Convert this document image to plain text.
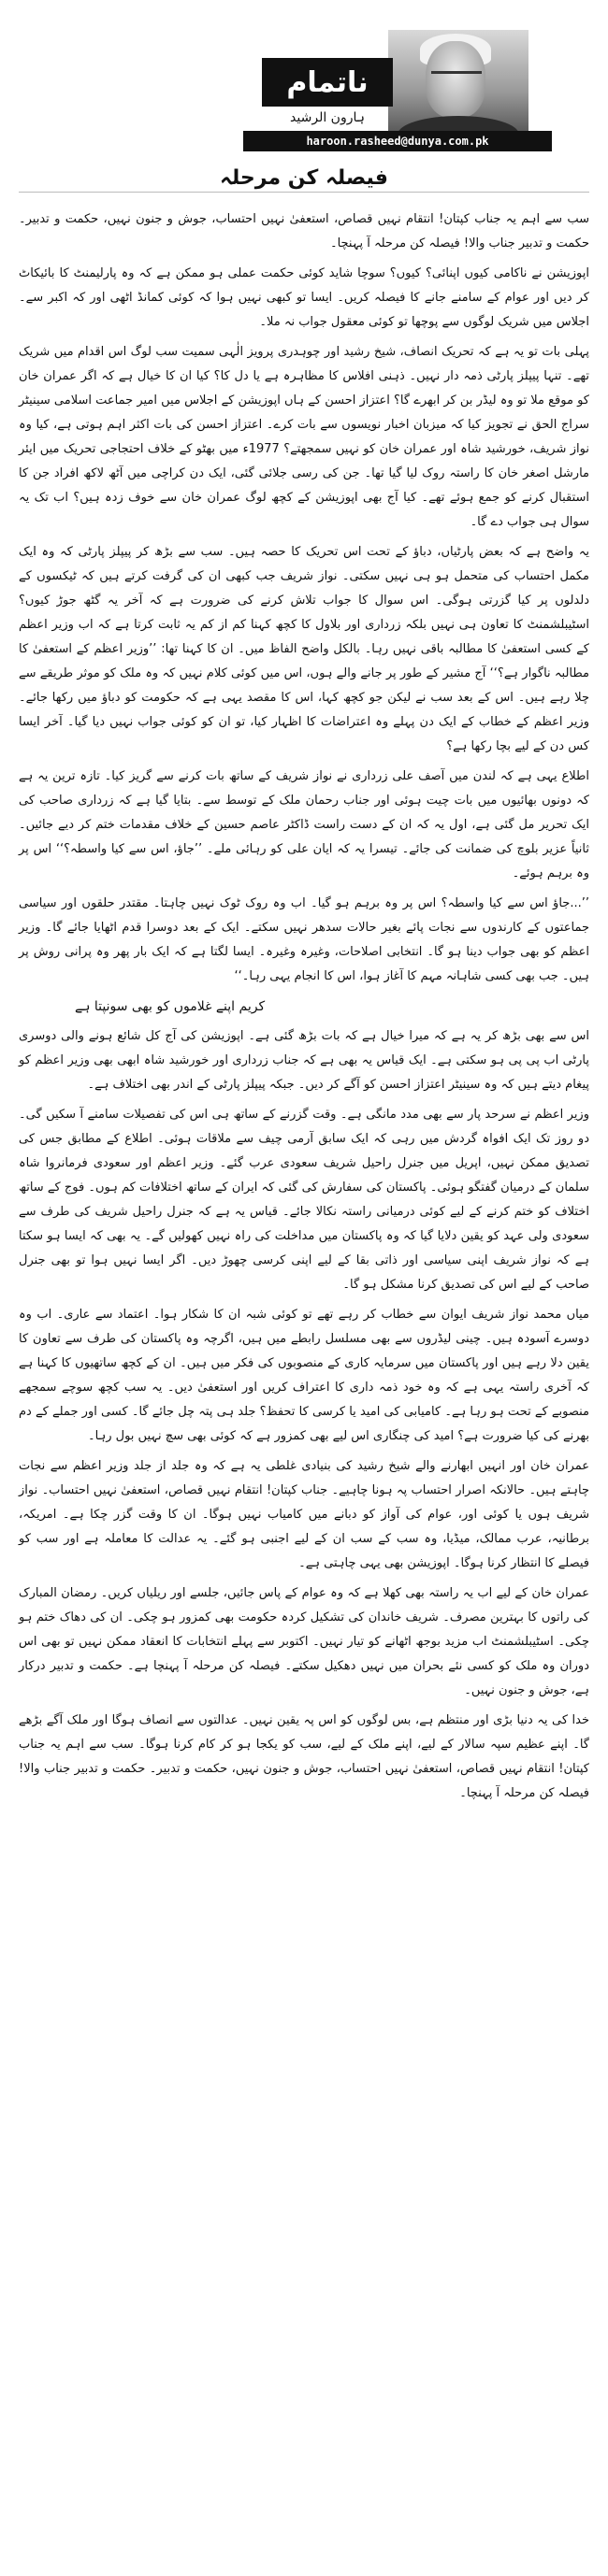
ناتمام
ہارون الرشید
haroon.rasheed@dunya.com.pk
فیصلہ کن مرحلہ

سب سے اہم یہ جناب کپتان! انتقام نہیں قصاص، استعفیٰ نہیں احتساب، جوش و جنون نہیں، حکمت و تدبیر۔ حکمت و تدبیر جناب والا! فیصلہ کن مرحلہ آ پہنچا۔

اپوزیشن نے ناکامی کیوں اپنائی؟ کیوں؟ سوچا شاید کوئی حکمت عملی ہو ممکن ہے کہ وہ پارلیمنٹ کا بائیکاٹ کر دیں اور عوام کے سامنے جانے کا فیصلہ کریں۔ ایسا تو کبھی نہیں ہوا کہ کوئی کمانڈ اٹھی اور کہ اکبر سے۔ اجلاس میں شریک لوگوں سے پوچھا تو کوئی معقول جواب نہ ملا۔

پہلی بات تو یہ ہے کہ تحریک انصاف، شیخ رشید اور چوہدری پرویز الٰہی سمیت سب لوگ اس اقدام میں شریک تھے۔ تنہا پیپلز پارٹی ذمہ دار نہیں۔ ذہنی افلاس کا مظاہرہ ہے یا دل کا؟ کیا ان کا خیال ہے کہ اگر عمران خان کو موقع ملا تو وہ لیڈر بن کر ابھرے گا؟ اعتزاز احسن کے ہاں اپوزیشن کے اجلاس میں امیر جماعت اسلامی سینیٹر سراج الحق نے تجویز کیا کہ میزبان اخبار نویسوں سے بات کرے۔ اعتزاز احسن کی بات اکثر اہم ہوتی ہے، کیا وہ نواز شریف، خورشید شاہ اور عمران خان کو نہیں سمجھتے؟ 1977ء میں بھٹو کے خلاف احتجاجی تحریک میں ایئر مارشل اصغر خان کا راستہ روک لیا گیا تھا۔ جن کی رسی جلائی گئی، ایک دن کراچی میں آٹھ لاکھ افراد جن کا استقبال کرنے کو جمع ہوئے تھے۔ کیا آج بھی اپوزیشن کے کچھ لوگ عمران خان سے خوف زدہ ہیں؟ اب تک یہ سوال ہی جواب دے گا۔

یہ واضح ہے کہ بعض پارٹیاں، دباؤ کے تحت اس تحریک کا حصہ ہیں۔ سب سے بڑھ کر پیپلز پارٹی کہ وہ ایک مکمل احتساب کی متحمل ہو ہی نہیں سکتی۔ نواز شریف جب کبھی ان کی گرفت کرتے ہیں کہ ٹیکسوں کے دلدلوں پر کیا گزرتی ہوگی۔ اس سوال کا جواب تلاش کرنے کی ضرورت ہے کہ آخر یہ گٹھ جوڑ کیوں؟ اسٹیبلشمنٹ کا تعاون ہی نہیں بلکہ زرداری اور بلاول کا کچھ کہنا کم از کم یہ ثابت کرتا ہے کہ اب وزیر اعظم کے کسی استعفیٰ کا مطالبہ باقی نہیں رہا۔ بالکل واضح الفاظ میں۔ ان کا کہنا تھا: ’’وزیر اعظم کے استعفیٰ کا مطالبہ ناگوار ہے؟‘‘ آج مشیر کے طور پر جانے والے ہوں، اس میں کوئی کلام نہیں کہ وہ ملک کو موثر طریقے سے چلا رہے ہیں۔ اس کے بعد سب نے لیکن جو کچھ کہا، اس کا مقصد یہی ہے کہ حکومت کو دباؤ میں رکھا جائے۔ وزیر اعظم کے خطاب کے ایک دن پہلے وہ اعتراضات کا اظہار کیا، تو ان کو کوئی جواب نہیں دیا گیا۔ آخر ایسا کس دن کے لیے بچا رکھا ہے؟

اطلاع یہی ہے کہ لندن میں آصف علی زرداری نے نواز شریف کے ساتھ بات کرنے سے گریز کیا۔ تازہ ترین یہ ہے کہ دونوں بھائیوں میں بات چیت ہوئی اور جناب رحمان ملک کے توسط سے۔ بتایا گیا ہے کہ زرداری صاحب کی ایک تحریر مل گئی ہے، اول یہ کہ ان کے دست راست ڈاکٹر عاصم حسین کے خلاف مقدمات ختم کر دیے جائیں۔ ثانیاً عزیر بلوچ کی ضمانت کی جائے۔ تیسرا یہ کہ ایان علی کو رہائی ملے۔ ’’جاؤ، اس سے کیا واسطہ؟‘‘ اس پر وہ برہم ہوئے۔

’’...جاؤ اس سے کیا واسطہ؟ اس پر وہ برہم ہو گیا۔ اب وہ روک ٹوک نہیں چاہتا۔ مقتدر حلقوں اور سیاسی جماعتوں کے کارندوں سے نجات پائے بغیر حالات سدھر نہیں سکتے۔ ایک کے بعد دوسرا قدم اٹھایا جائے گا۔ وزیر اعظم کو بھی جواب دینا ہو گا۔ انتخابی اصلاحات، وغیرہ وغیرہ۔ ایسا لگتا ہے کہ ایک بار پھر وہ پرانی روش پر ہیں۔ جب بھی کسی شاہانہ مہم کا آغاز ہوا، اس کا انجام یہی رہا۔‘‘

کریم اپنے غلاموں کو بھی سونپتا ہے

اس سے بھی بڑھ کر یہ ہے کہ میرا خیال ہے کہ بات بڑھ گئی ہے۔ اپوزیشن کی آج کل شائع ہونے والی دوسری پارٹی اب پی پی ہو سکتی ہے۔ ایک قیاس یہ بھی ہے کہ جناب زرداری اور خورشید شاہ ابھی بھی وزیر اعظم کو پیغام دیتے ہیں کہ وہ سینیٹر اعتزاز احسن کو آگے کر دیں۔ جبکہ پیپلز پارٹی کے اندر بھی اختلاف ہے۔

وزیر اعظم نے سرحد پار سے بھی مدد مانگی ہے۔ وقت گزرنے کے ساتھ ہی اس کی تفصیلات سامنے آ سکیں گی۔ دو روز تک ایک افواہ گردش میں رہی کہ ایک سابق آرمی چیف سے ملاقات ہوئی۔ اطلاع کے مطابق جس کی تصدیق ممکن نہیں، اپریل میں جنرل راحیل شریف سعودی عرب گئے۔ وزیر اعظم اور سعودی فرمانروا شاہ سلمان کے درمیان گفتگو ہوئی۔ پاکستان کی سفارش کی گئی کہ ایران کے ساتھ اختلافات کم ہوں۔ فوج کے ساتھ اختلاف کو ختم کرنے کے لیے کوئی درمیانی راستہ نکالا جائے۔ قیاس یہ ہے کہ جنرل راحیل شریف کی طرف سے سعودی ولی عہد کو یقین دلایا گیا کہ وہ پاکستان میں مداخلت کی راہ نہیں کھولیں گے۔ یہ بھی کہ ایسا ہو سکتا ہے کہ نواز شریف اپنی سیاسی اور ذاتی بقا کے لیے اپنی کرسی چھوڑ دیں۔ اگر ایسا نہیں ہوا تو بھی جنرل صاحب کے لیے اس کی تصدیق کرنا مشکل ہو گا۔

میاں محمد نواز شریف ایوان سے خطاب کر رہے تھے تو کوئی شبہ ان کا شکار ہوا۔ اعتماد سے عاری۔ اب وہ دوسرے آسودہ ہیں۔ چینی لیڈروں سے بھی مسلسل رابطے میں ہیں، اگرچہ وہ پاکستان کی طرف سے تعاون کا یقین دلا رہے ہیں اور پاکستان میں سرمایہ کاری کے منصوبوں کی فکر میں ہیں۔ ان کے کچھ ساتھیوں کا کہنا ہے کہ آخری راستہ یہی ہے کہ وہ خود ذمہ داری کا اعتراف کریں اور استعفیٰ دیں۔ یہ سب کچھ سوچے سمجھے منصوبے کے تحت ہو رہا ہے۔ کامیابی کی امید یا کرسی کا تحفظ؟ جلد ہی پتہ چل جائے گا۔ کسی اور جملے کے دم بھرنے کی کیا ضرورت ہے؟ امید کی چنگاری اس لیے بھی کمزور ہے کہ کوئی بھی سچ نہیں بول رہا۔

عمران خان اور انہیں ابھارنے والے شیخ رشید کی بنیادی غلطی یہ ہے کہ وہ جلد از جلد وزیر اعظم سے نجات چاہتے ہیں۔ حالانکہ اصرار احتساب پہ ہونا چاہیے۔ جناب کپتان! انتقام نہیں قصاص، استعفیٰ نہیں احتساب۔ نواز شریف ہوں یا کوئی اور، عوام کی آواز کو دبانے میں کامیاب نہیں ہوگا۔ ان کا وقت گزر چکا ہے۔ امریکہ، برطانیہ، عرب ممالک، میڈیا، وہ سب کے سب ان کے لیے اجنبی ہو گئے۔ یہ عدالت کا معاملہ ہے اور سب کو فیصلے کا انتظار کرنا ہوگا۔ اپوزیشن بھی یہی چاہتی ہے۔

عمران خان کے لیے اب یہ راستہ بھی کھلا ہے کہ وہ عوام کے پاس جائیں، جلسے اور ریلیاں کریں۔ رمضان المبارک کی راتوں کا بہترین مصرف۔ شریف خاندان کی تشکیل کردہ حکومت بھی کمزور ہو چکی۔ ان کی دھاک ختم ہو چکی۔ اسٹیبلشمنٹ اب مزید بوجھ اٹھانے کو تیار نہیں۔ اکتوبر سے پہلے انتخابات کا انعقاد ممکن نہیں تو بھی اس دوران وہ ملک کو کسی نئے بحران میں نہیں دھکیل سکتے۔ فیصلہ کن مرحلہ آ پہنچا ہے۔ حکمت و تدبیر درکار ہے، جوش و جنون نہیں۔

خدا کی یہ دنیا بڑی اور منتظم ہے، بس لوگوں کو اس پہ یقین نہیں۔ عدالتوں سے انصاف ہوگا اور ملک آگے بڑھے گا۔ اپنے عظیم سپہ سالار کے لیے، اپنے ملک کے لیے، سب کو یکجا ہو کر کام کرنا ہوگا۔ سب سے اہم یہ جناب کپتان! انتقام نہیں قصاص، استعفیٰ نہیں احتساب، جوش و جنون نہیں، حکمت و تدبیر۔ حکمت و تدبیر جناب والا! فیصلہ کن مرحلہ آ پہنچا۔
